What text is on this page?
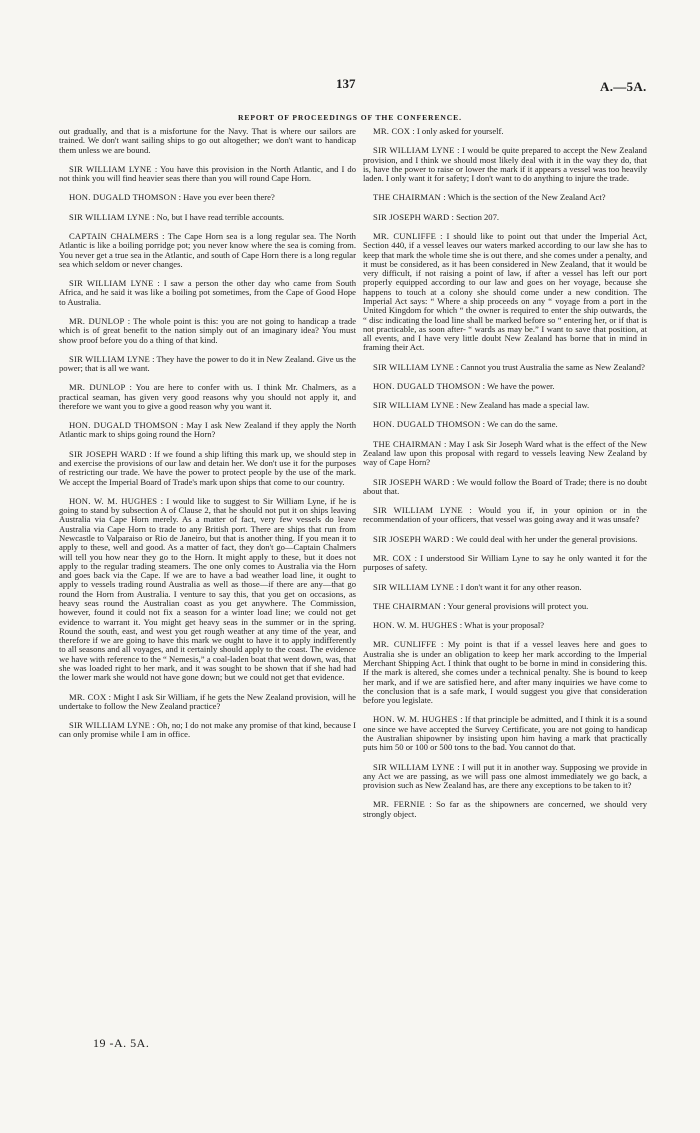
137	A.—5A.
REPORT OF PROCEEDINGS OF THE CONFERENCE.

out gradually, and that is a misfortune for the Navy. That is where our sailors are trained. We don't want sailing ships to go out altogether; we don't want to handicap them unless we are bound.

SIR WILLIAM LYNE : You have this provision in the North Atlantic, and I do not think you will find heavier seas there than you will round Cape Horn.

HON. DUGALD THOMSON : Have you ever been there?

SIR WILLIAM LYNE : No, but I have read terrible accounts.

CAPTAIN CHALMERS : The Cape Horn sea is a long regular sea. The North Atlantic is like a boiling porridge pot; you never know where the sea is coming from. You never get a true sea in the Atlantic, and south of Cape Horn there is a long regular sea which seldom or never changes.

SIR WILLIAM LYNE : I saw a person the other day who came from South Africa, and he said it was like a boiling pot sometimes, from the Cape of Good Hope to Australia.

MR. DUNLOP : The whole point is this: you are not going to handicap a trade which is of great benefit to the nation simply out of an imaginary idea? You must show proof before you do a thing of that kind.

SIR WILLIAM LYNE : They have the power to do it in New Zealand. Give us the power; that is all we want.

MR. DUNLOP : You are here to confer with us. I think Mr. Chalmers, as a practical seaman, has given very good reasons why you should not apply it, and therefore we want you to give a good reason why you want it.

HON. DUGALD THOMSON : May I ask New Zealand if they apply the North Atlantic mark to ships going round the Horn?

SIR JOSEPH WARD : If we found a ship lifting this mark up, we should step in and exercise the provisions of our law and detain her. We don't use it for the purposes of restricting our trade. We have the power to protect people by the use of the mark. We accept the Imperial Board of Trade's mark upon ships that come to our country.

HON. W. M. HUGHES : I would like to suggest to Sir William Lyne, if he is going to stand by subsection A of Clause 2, that he should not put it on ships leaving Australia via Cape Horn merely. As a matter of fact, very few vessels do leave Australia via Cape Horn to trade to any British port. There are ships that run from Newcastle to Valparaiso or Rio de Janeiro, but that is another thing. If you mean it to apply to these, well and good. As a matter of fact, they don't go—Captain Chalmers will tell you how near they go to the Horn. It might apply to these, but it does not apply to the regular trading steamers. The one only comes to Australia via the Horn and goes back via the Cape. If we are to have a bad weather load line, it ought to apply to vessels trading round Australia as well as those—if there are any—that go round the Horn from Australia. I venture to say this, that you get on occasions, as heavy seas round the Australian coast as you get anywhere. The Commission, however, found it could not fix a season for a winter load line; we could not get evidence to warrant it. You might get heavy seas in the summer or in the spring. Round the south, east, and west you get rough weather at any time of the year, and therefore if we are going to have this mark we ought to have it to apply indifferently to all seasons and all voyages, and it certainly should apply to the coast. The evidence we have with reference to the “ Nemesis,” a coal-laden boat that went down, was, that she was loaded right to her mark, and it was sought to be shown that if she had had the lower mark she would not have gone down; but we could not get that evidence.

MR. COX : Might I ask Sir William, if he gets the New Zealand provision, will he undertake to follow the New Zealand practice?

SIR WILLIAM LYNE : Oh, no; I do not make any promise of that kind, because I can only promise while I am in office.

MR. COX : I only asked for yourself.

SIR WILLIAM LYNE : I would be quite prepared to accept the New Zealand provision, and I think we should most likely deal with it in the way they do, that is, have the power to raise or lower the mark if it appears a vessel was too heavily laden. I only want it for safety; I don't want to do anything to injure the trade.

THE CHAIRMAN : Which is the section of the New Zealand Act?

SIR JOSEPH WARD : Section 207.

MR. CUNLIFFE : I should like to point out that under the Imperial Act, Section 440, if a vessel leaves our waters marked according to our law she has to keep that mark the whole time she is out there, and she comes under a penalty, and it must be considered, as it has been considered in New Zealand, that it would be very difficult, if not raising a point of law, if after a vessel has left our port properly equipped according to our law and goes on her voyage, because she happens to touch at a colony she should come under a new condition. The Imperial Act says: “ Where a ship proceeds on any “ voyage from a port in the United Kingdom for which “ the owner is required to enter the ship outwards, the “ disc indicating the load line shall be marked before so “ entering her, or if that is not practicable, as soon after- “ wards as may be.” I want to save that position, at all events, and I have very little doubt New Zealand has borne that in mind in framing their Act.

SIR WILLIAM LYNE : Cannot you trust Australia the same as New Zealand?

HON. DUGALD THOMSON : We have the power.

SIR WILLIAM LYNE : New Zealand has made a special law.

HON. DUGALD THOMSON : We can do the same.

THE CHAIRMAN : May I ask Sir Joseph Ward what is the effect of the New Zealand law upon this proposal with regard to vessels leaving New Zealand by way of Cape Horn?

SIR JOSEPH WARD : We would follow the Board of Trade; there is no doubt about that.

SIR WILLIAM LYNE : Would you if, in your opinion or in the recommendation of your officers, that vessel was going away and it was unsafe?

SIR JOSEPH WARD : We could deal with her under the general provisions.

MR. COX : I understood Sir William Lyne to say he only wanted it for the purposes of safety.

SIR WILLIAM LYNE : I don't want it for any other reason.

THE CHAIRMAN : Your general provisions will protect you.

HON. W. M. HUGHES : What is your proposal?

MR. CUNLIFFE : My point is that if a vessel leaves here and goes to Australia she is under an obligation to keep her mark according to the Imperial Merchant Shipping Act. I think that ought to be borne in mind in considering this. If the mark is altered, she comes under a technical penalty. She is bound to keep her mark, and if we are satisfied here, and after many inquiries we have come to the conclusion that is a safe mark, I would suggest you give that consideration before you legislate.

HON. W. M. HUGHES : If that principle be admitted, and I think it is a sound one since we have accepted the Survey Certificate, you are not going to handicap the Australian shipowner by insisting upon him having a mark that practically puts him 50 or 100 or 500 tons to the bad. You cannot do that.

SIR WILLIAM LYNE : I will put it in another way. Supposing we provide in any Act we are passing, as we will pass one almost immediately we go back, a provision such as New Zealand has, are there any exceptions to be taken to it?

MR. FERNIE : So far as the shipowners are concerned, we should very strongly object.

19 -A. 5A.
